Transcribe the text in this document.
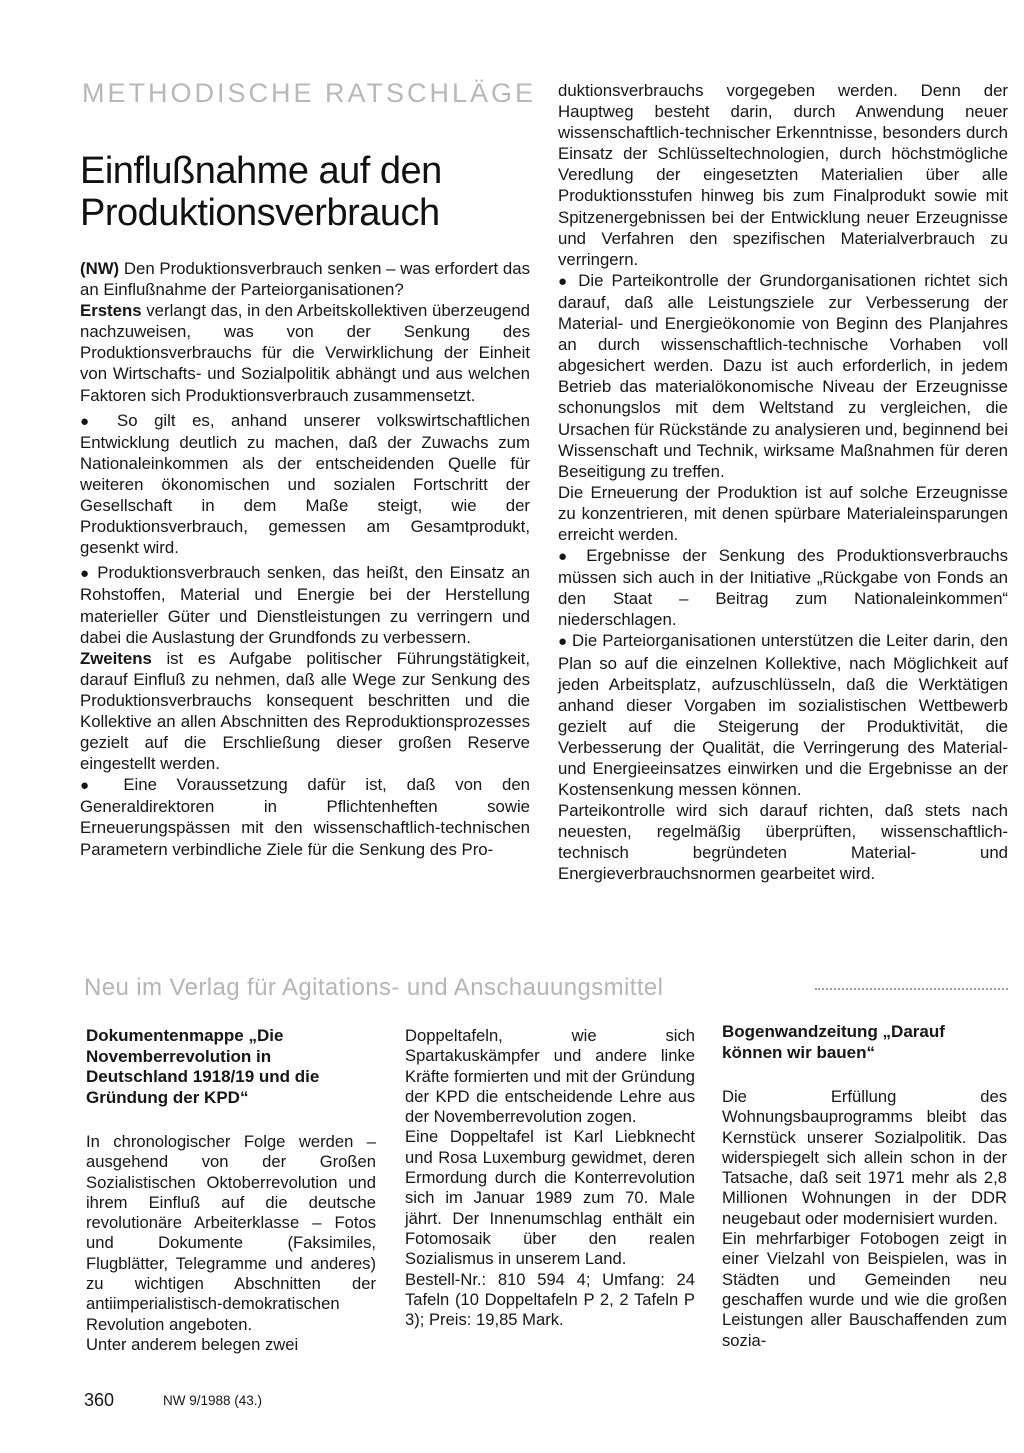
METHODISCHE RATSCHLÄGE
Einflußnahme auf den
Produktionsverbrauch

(NW) Den Produktionsverbrauch senken – was erfordert das an Einflußnahme der Parteiorganisationen?

Erstens verlangt das, in den Arbeitskollektiven überzeugend nachzuweisen, was von der Senkung des Produktionsverbrauchs für die Verwirklichung der Einheit von Wirtschafts- und Sozialpolitik abhängt und aus welchen Faktoren sich Produktionsverbrauch zusammensetzt.

● So gilt es, anhand unserer volkswirtschaftlichen Entwicklung deutlich zu machen, daß der Zuwachs zum Nationaleinkommen als der entscheidenden Quelle für weiteren ökonomischen und sozialen Fortschritt der Gesellschaft in dem Maße steigt, wie der Produktionsverbrauch, gemessen am Gesamtprodukt, gesenkt wird.

● Produktionsverbrauch senken, das heißt, den Einsatz an Rohstoffen, Material und Energie bei der Herstellung materieller Güter und Dienstleistungen zu verringern und dabei die Auslastung der Grundfonds zu verbessern.

Zweitens ist es Aufgabe politischer Führungstätigkeit, darauf Einfluß zu nehmen, daß alle Wege zur Senkung des Produktionsverbrauchs konsequent beschritten und die Kollektive an allen Abschnitten des Reproduktionsprozesses gezielt auf die Erschließung dieser großen Reserve eingestellt werden.

● Eine Voraussetzung dafür ist, daß von den Generaldirektoren in Pflichtenheften sowie Erneuerungspässen mit den wissenschaftlich-technischen Parametern verbindliche Ziele für die Senkung des Pro-

duktionsverbrauchs vorgegeben werden. Denn der Hauptweg besteht darin, durch Anwendung neuer wissenschaftlich-technischer Erkenntnisse, besonders durch Einsatz der Schlüsseltechnologien, durch höchstmögliche Veredlung der eingesetzten Materialien über alle Produktionsstufen hinweg bis zum Finalprodukt sowie mit Spitzenergebnissen bei der Entwicklung neuer Erzeugnisse und Verfahren den spezifischen Materialverbrauch zu verringern.

● Die Parteikontrolle der Grundorganisationen richtet sich darauf, daß alle Leistungsziele zur Verbesserung der Material- und Energieökonomie von Beginn des Planjahres an durch wissenschaftlich-technische Vorhaben voll abgesichert werden. Dazu ist auch erforderlich, in jedem Betrieb das materialökonomische Niveau der Erzeugnisse schonungslos mit dem Weltstand zu vergleichen, die Ursachen für Rückstände zu analysieren und, beginnend bei Wissenschaft und Technik, wirksame Maßnahmen für deren Beseitigung zu treffen.

Die Erneuerung der Produktion ist auf solche Erzeugnisse zu konzentrieren, mit denen spürbare Materialeinsparungen erreicht werden.

● Ergebnisse der Senkung des Produktionsverbrauchs müssen sich auch in der Initiative „Rückgabe von Fonds an den Staat – Beitrag zum Nationaleinkommen“ niederschlagen.

● Die Parteiorganisationen unterstützen die Leiter darin, den Plan so auf die einzelnen Kollektive, nach Möglichkeit auf jeden Arbeitsplatz, aufzuschlüsseln, daß die Werktätigen anhand dieser Vorgaben im sozialistischen Wettbewerb gezielt auf die Steigerung der Produktivität, die Verbesserung der Qualität, die Verringerung des Material- und Energieeinsatzes einwirken und die Ergebnisse an der Kostensenkung messen können.

Parteikontrolle wird sich darauf richten, daß stets nach neuesten, regelmäßig überprüften, wissenschaftlich-technisch begründeten Material- und Energieverbrauchsnormen gearbeitet wird.

Neu im Verlag für Agitations- und Anschauungsmittel
Dokumentenmappe „Die Novemberrevolution in Deutschland 1918/19 und die Gründung der KPD“

In chronologischer Folge werden – ausgehend von der Großen Sozialistischen Oktoberrevolution und ihrem Einfluß auf die deutsche revolutionäre Arbeiterklasse – Fotos und Dokumente (Faksimiles, Flugblätter, Telegramme und anderes) zu wichtigen Abschnitten der antiimperialistisch-demokratischen Revolution angeboten.

Unter anderem belegen zwei

Doppeltafeln, wie sich Spartakuskämpfer und andere linke Kräfte formierten und mit der Gründung der KPD die entscheidende Lehre aus der Novemberrevolution zogen.

Eine Doppeltafel ist Karl Liebknecht und Rosa Luxemburg gewidmet, deren Ermordung durch die Konterrevolution sich im Januar 1989 zum 70. Male jährt. Der Innenumschlag enthält ein Fotomosaik über den realen Sozialismus in unserem Land.

Bestell-Nr.: 810 594 4; Umfang: 24 Tafeln (10 Doppeltafeln P 2, 2 Tafeln P 3); Preis: 19,85 Mark.

Bogenwandzeitung „Darauf können wir bauen“

Die Erfüllung des Wohnungsbauprogramms bleibt das Kernstück unserer Sozialpolitik. Das widerspiegelt sich allein schon in der Tatsache, daß seit 1971 mehr als 2,8 Millionen Wohnungen in der DDR neugebaut oder modernisiert wurden.

Ein mehrfarbiger Fotobogen zeigt in einer Vielzahl von Beispielen, was in Städten und Gemeinden neu geschaffen wurde und wie die großen Leistungen aller Bauschaffenden zum sozia-

360	NW 9/1988 (43.)
